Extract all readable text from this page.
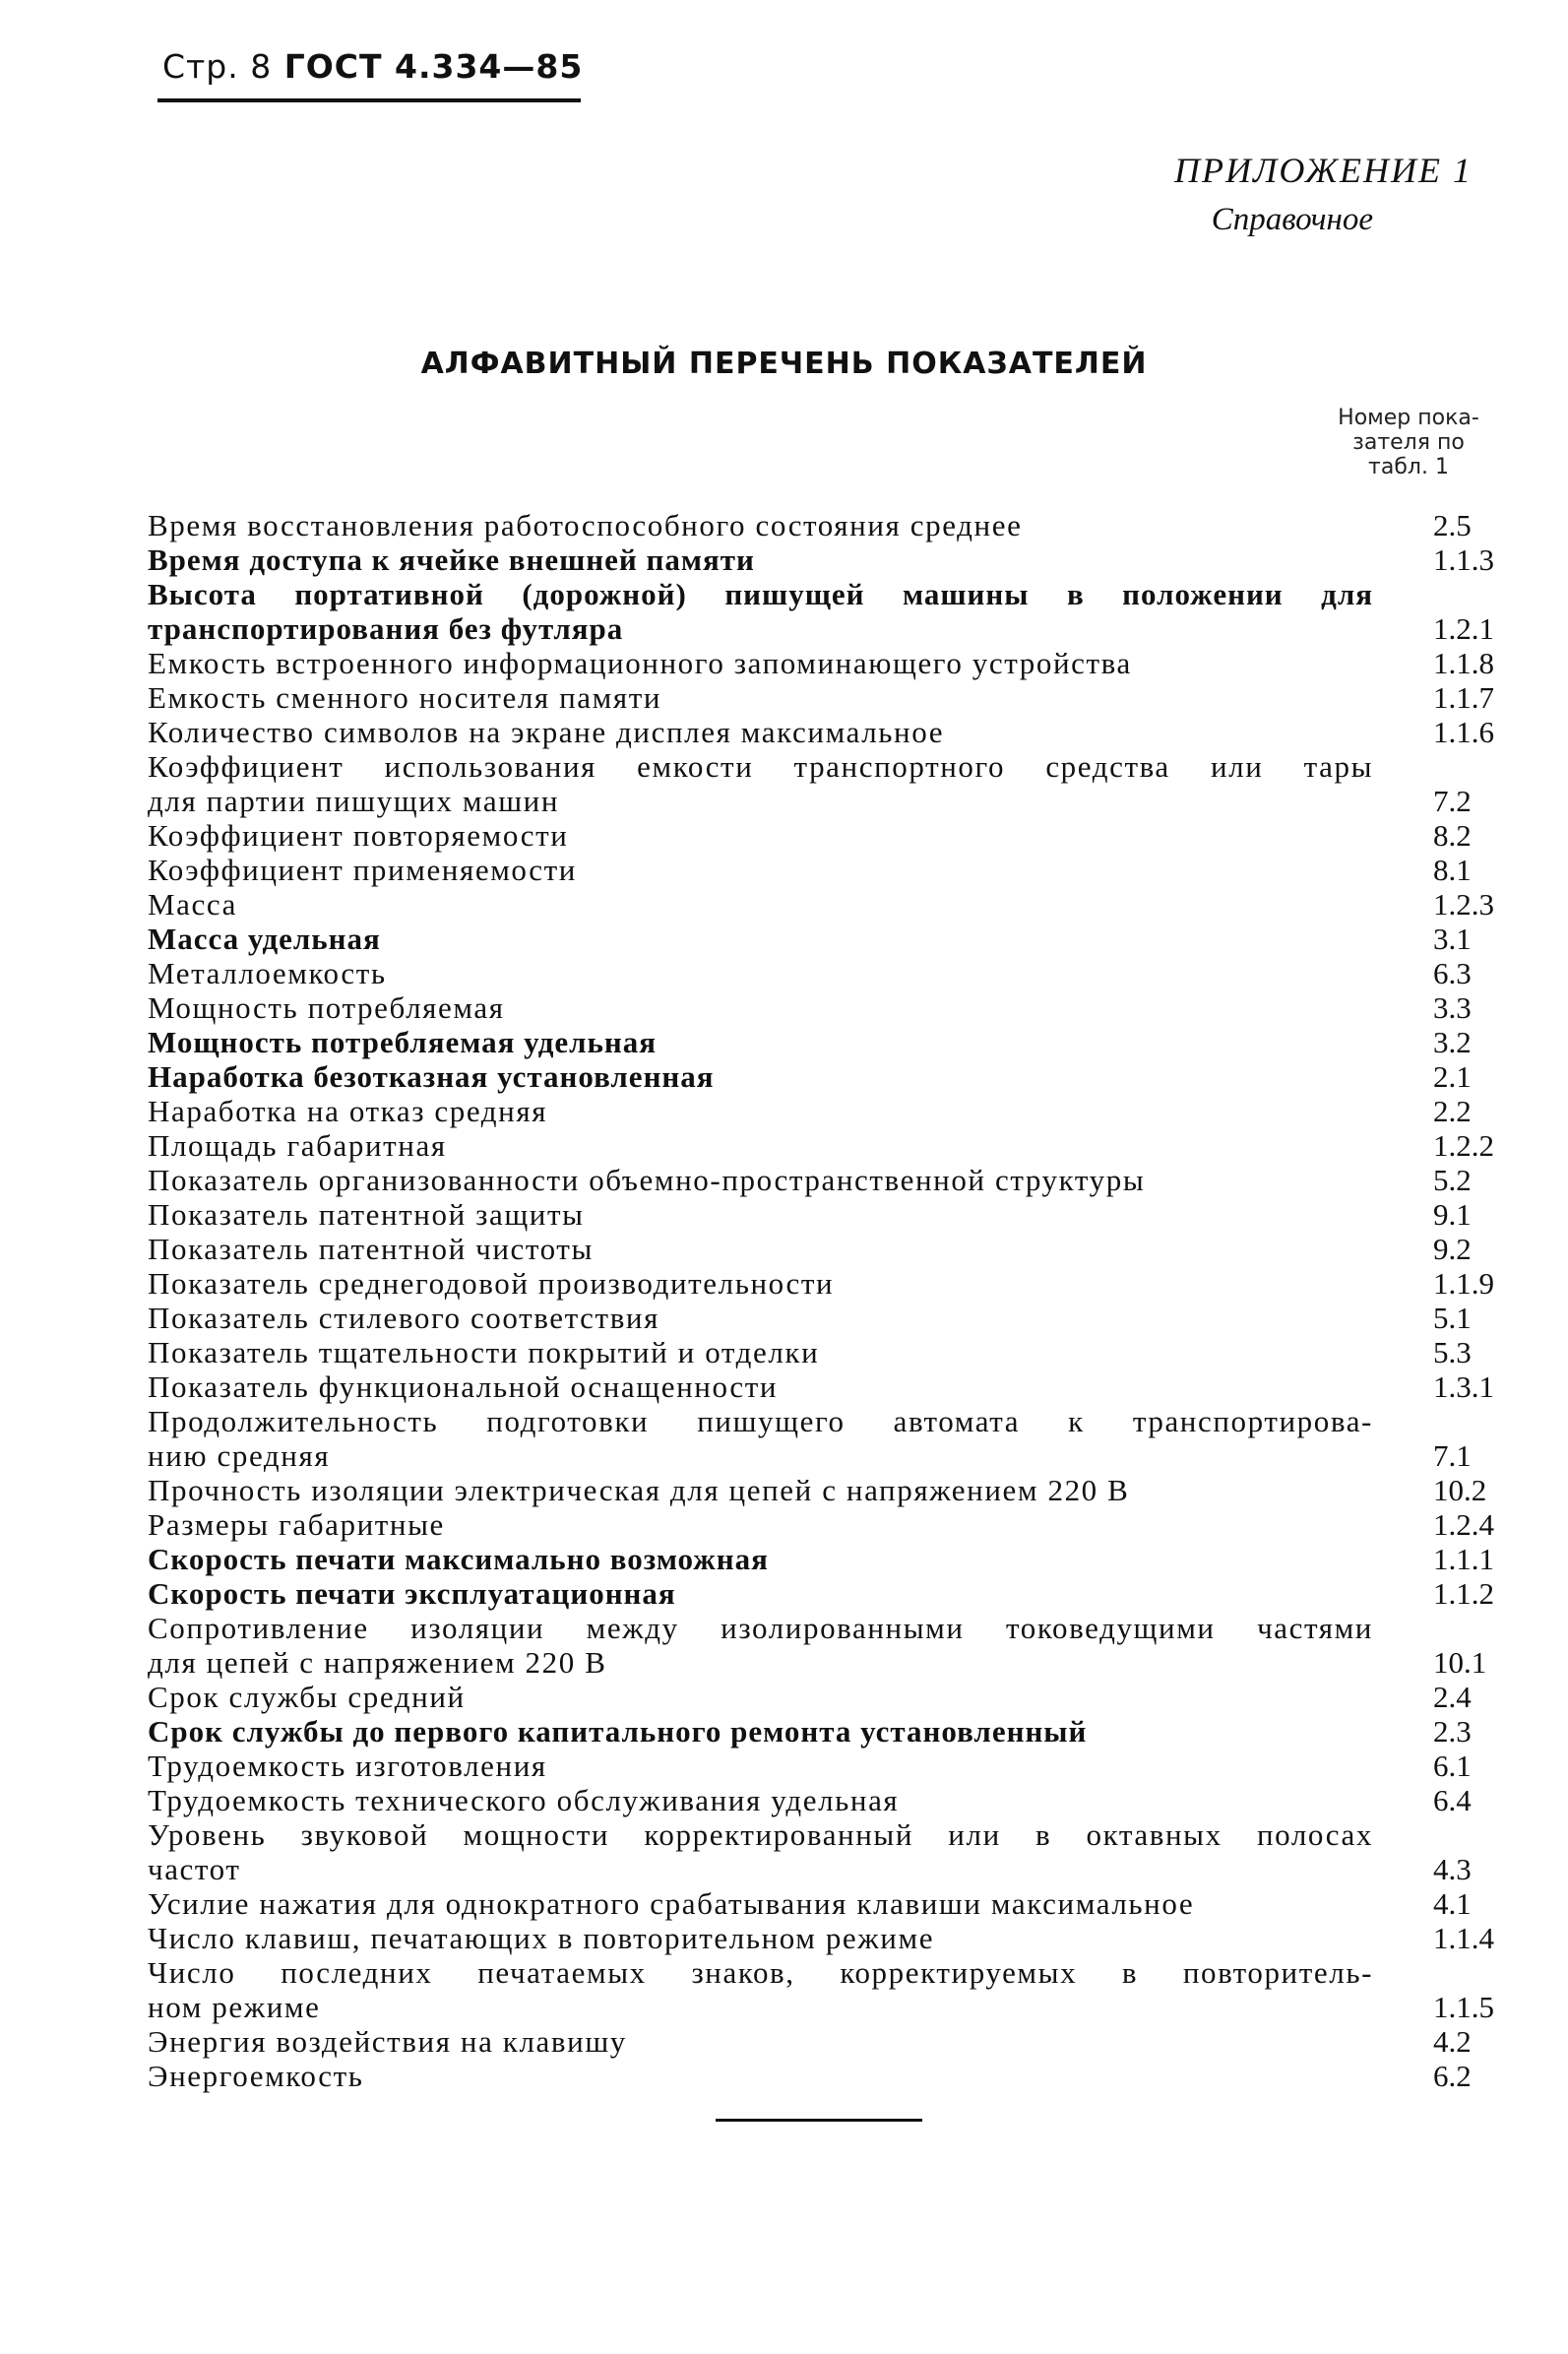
Стр. 8 ГОСТ 4.334—85
ПРИЛОЖЕНИЕ 1
Справочное
АЛФАВИТНЫЙ ПЕРЕЧЕНЬ ПОКАЗАТЕЛЕЙ
Номер пока-
зателя по
табл. 1
Время восстановления работоспособного состояния среднее	2.5
Время доступа к ячейке внешней памяти	1.1.3
Высота портативной (дорожной) пишущей машины в положении для
транспортирования без футляра	1.2.1
Емкость встроенного информационного запоминающего устройства	1.1.8
Емкость сменного носителя памяти	1.1.7
Количество символов на экране дисплея максимальное	1.1.6
Коэффициент использования емкости транспортного средства или тары
для партии пишущих машин	7.2
Коэффициент повторяемости	8.2
Коэффициент применяемости	8.1
Масса	1.2.3
Масса удельная	3.1
Металлоемкость	6.3
Мощность потребляемая	3.3
Мощность потребляемая удельная	3.2
Наработка безотказная установленная	2.1
Наработка на отказ средняя	2.2
Площадь габаритная	1.2.2
Показатель организованности объемно-пространственной структуры	5.2
Показатель патентной защиты	9.1
Показатель патентной чистоты	9.2
Показатель среднегодовой производительности	1.1.9
Показатель стилевого соответствия	5.1
Показатель тщательности покрытий и отделки	5.3
Показатель функциональной оснащенности	1.3.1
Продолжительность подготовки пишущего автомата к транспортирова-
нию средняя	7.1
Прочность изоляции электрическая для цепей с напряжением 220 В	10.2
Размеры габаритные	1.2.4
Скорость печати максимально возможная	1.1.1
Скорость печати эксплуатационная	1.1.2
Сопротивление изоляции между изолированными токоведущими частями
для цепей с напряжением 220 В	10.1
Срок службы средний	2.4
Срок службы до первого капитального ремонта установленный	2.3
Трудоемкость изготовления	6.1
Трудоемкость технического обслуживания удельная	6.4
Уровень звуковой мощности корректированный или в октавных полосах
частот	4.3
Усилие нажатия для однократного срабатывания клавиши максимальное	4.1
Число клавиш, печатающих в повторительном режиме	1.1.4
Число последних печатаемых знаков, корректируемых в повторитель-
ном режиме	1.1.5
Энергия воздействия на клавишу	4.2
Энергоемкость	6.2
